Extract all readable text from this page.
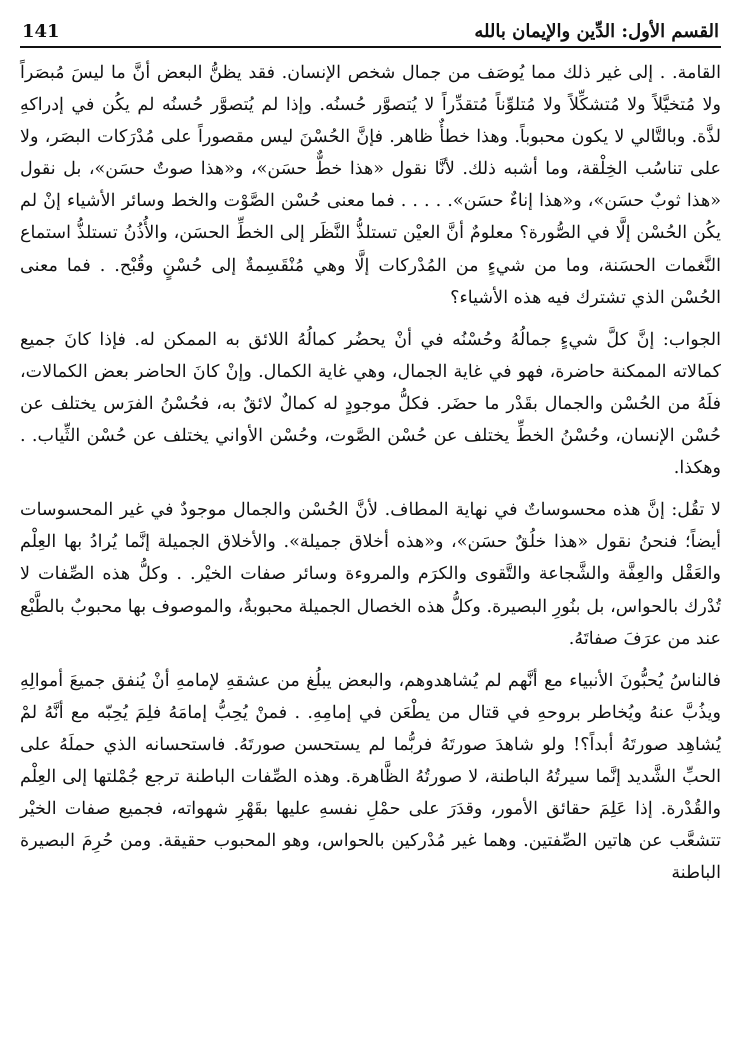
141	القسم الأول: الدِّين والإيمان بالله

القامة. . إلى غير ذلك مما يُوصَف من جمال شخص الإنسان. فقد يظنُّ البعض أنَّ ما ليسَ مُبصَراً ولا مُتخيَّلاً ولا مُتشكِّلاً ولا مُتلوِّناً مُتقدِّراً لا يُتصوَّر حُسنُه. وإذا لم يُتصوَّر حُسنُه لم يكُن في إدراكهِ لذَّة. وبالتَّالي لا يكون محبوباً. وهذا خطأٌ ظاهر. فإنَّ الحُسْنَ ليس مقصوراً على مُدْرَكات البصَر، ولا على تناسُب الخِلْقة، وما أشبه ذلك. لأنَّا نقول «هذا خطٌّ حسَن»، و«هذا صوتٌ حسَن»، بل نقول «هذا ثوبٌ حسَن»، و«هذا إناءٌ حسَن». . . . . فما معنى حُسْن الصَّوْت والخط وسائر الأشياء إنْ لم يكُن الحُسْن إلَّا في الصُّورة؟ معلومٌ أنَّ العيْن تستلذُّ النَّظَر إلى الخطِّ الحسَن، والأُذُنُ تستلذُّ استماع النَّغمات الحسَنة، وما من شيءٍ من المُدْركات إلَّا وهي مُنْقَسِمةٌ إلى حُسْنٍ وقُبْح. . فما معنى الحُسْن الذي تشترك فيه هذه الأشياء؟

الجواب: إنَّ كلَّ شيءٍ جمالُهُ وحُسْنُه في أنْ يحضُر كمالُهُ اللائق به الممكن له. فإذا كانَ جميع كمالاته الممكنة حاضرة، فهو في غاية الجمال، وهي غاية الكمال. وإنْ كانَ الحاضر بعض الكمالات، فلَهُ من الحُسْن والجمال بقَدْر ما حضَر. فكلُّ موجودٍ له كمالٌ لائقٌ به، فحُسْنُ الفرَس يختلف عن حُسْن الإنسان، وحُسْنُ الخطِّ يختلف عن حُسْن الصَّوت، وحُسْن الأواني يختلف عن حُسْن الثِّياب. . وهكذا.

لا تقُل: إنَّ هذه محسوساتٌ في نهاية المطاف. لأنَّ الحُسْن والجمال موجودٌ في غير المحسوسات أيضاً؛ فنحنُ نقول «هذا خلُقٌ حسَن»، و«هذه أخلاق جميلة». والأخلاق الجميلة إنَّما يُرادُ بها العِلْم والعَقْل والعِفَّة والشَّجاعة والتَّقوى والكرَم والمروءة وسائر صفات الخيْر. . وكلُّ هذه الصِّفات لا تُدْرك بالحواس، بل بنُورِ البصيرة. وكلُّ هذه الخصال الجميلة محبوبةٌ، والموصوف بها محبوبٌ بالطَّبْع عند من عرَفَ صفاتَهُ.

فالناسُ يُحبُّونَ الأنبياء مع أنَّهم لم يُشاهدوهم، والبعض يبلُغ من عشقهِ لإمامهِ أنْ يُنفق جميعَ أموالِهِ ويذُبَّ عنهُ ويُخاطر بروحهِ في قتال من يطْعَن في إمامِهِ. . فمنْ يُحِبُّ إمامَهُ فلِمَ يُحِبّه مع أنَّهُ لمْ يُشاهِد صورتَهُ أبداً؟! ولو شاهدَ صورتَهُ فربُّما لم يستحسن صورتَهُ. فاستحسانه الذي حملَهُ على الحبِّ الشَّديد إنَّما سيرتُهُ الباطنة، لا صورتُهُ الظَّاهرة. وهذه الصِّفات الباطنة ترجع جُمْلتها إلى العِلْم والقُدْرة. إذا عَلِمَ حقائق الأمور، وقدَرَ على حمْلِ نفسهِ عليها بقَهْرِ شهواته، فجميع صفات الخيْر تتشعَّب عن هاتين الصِّفتين. وهما غير مُدْركين بالحواس، وهو المحبوب حقيقة. ومن حُرِمَ البصيرة الباطنة
